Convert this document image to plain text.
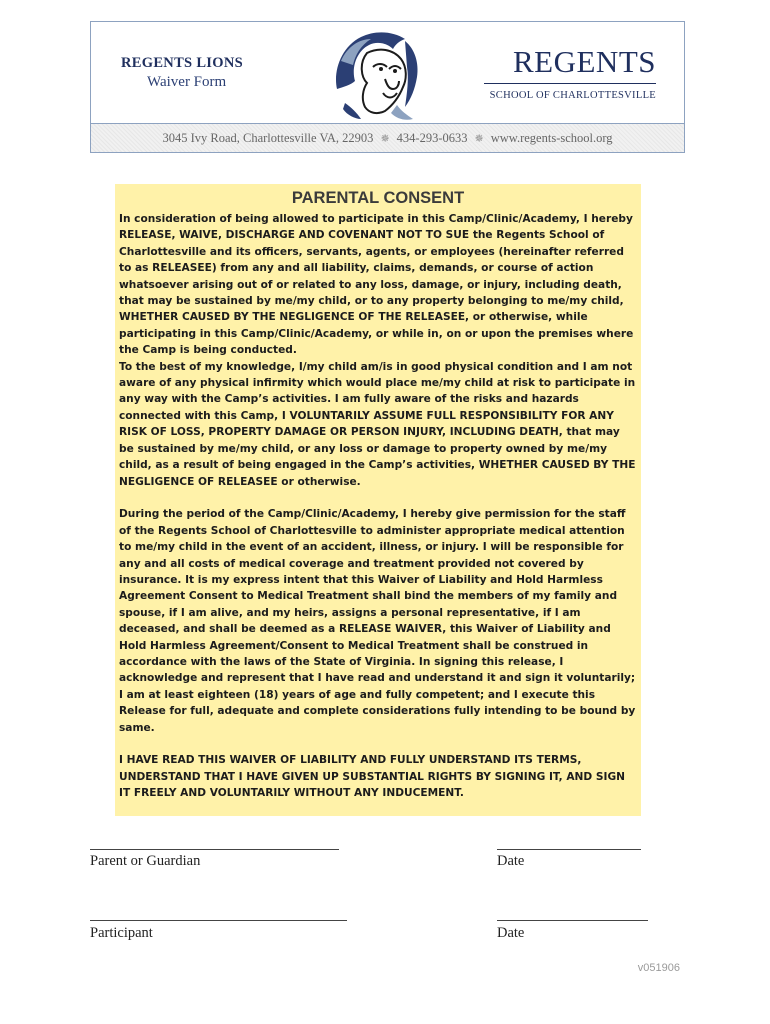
REGENTS LIONS
Waiver Form
REGENTS
SCHOOL OF CHARLOTTESVILLE
3045 Ivy Road, Charlottesville VA, 22903 ✵ 434-293-0633 ✵ www.regents-school.org
PARENTAL CONSENT

In consideration of being allowed to participate in this Camp/Clinic/Academy, I hereby RELEASE, WAIVE, DISCHARGE AND COVENANT NOT TO SUE the Regents School of Charlottesville and its officers, servants, agents, or employees (hereinafter referred to as RELEASEE) from any and all liability, claims, demands, or course of action whatsoever arising out of or related to any loss, damage, or injury, including death, that may be sustained by me/my child, or to any property belonging to me/my child, WHETHER CAUSED BY THE NEGLIGENCE OF THE RELEASEE, or otherwise, while participating in this Camp/Clinic/Academy, or while in, on or upon the premises where the Camp is being conducted.

To the best of my knowledge, I/my child am/is in good physical condition and I am not aware of any physical infirmity which would place me/my child at risk to participate in any way with the Camp’s activities. I am fully aware of the risks and hazards connected with this Camp, I VOLUNTARILY ASSUME FULL RESPONSIBILITY FOR ANY RISK OF LOSS, PROPERTY DAMAGE OR PERSON INJURY, INCLUDING DEATH, that may be sustained by me/my child, or any loss or damage to property owned by me/my child, as a result of being engaged in the Camp’s activities, WHETHER CAUSED BY THE NEGLIGENCE OF RELEASEE or otherwise.

During the period of the Camp/Clinic/Academy, I hereby give permission for the staff of the Regents School of Charlottesville to administer appropriate medical attention to me/my child in the event of an accident, illness, or injury. I will be responsible for any and all costs of medical coverage and treatment provided not covered by insurance. It is my express intent that this Waiver of Liability and Hold Harmless Agreement Consent to Medical Treatment shall bind the members of my family and spouse, if I am alive, and my heirs, assigns a personal representative, if I am deceased, and shall be deemed as a RELEASE WAIVER, this Waiver of Liability and Hold Harmless Agreement/Consent to Medical Treatment shall be construed in accordance with the laws of the State of Virginia. In signing this release, I acknowledge and represent that I have read and understand it and sign it voluntarily; I am at least eighteen (18) years of age and fully competent; and I execute this Release for full, adequate and complete considerations fully intending to be bound by same.

I HAVE READ THIS WAIVER OF LIABILITY AND FULLY UNDERSTAND ITS TERMS, UNDERSTAND THAT I HAVE GIVEN UP SUBSTANTIAL RIGHTS BY SIGNING IT, AND SIGN IT FREELY AND VOLUNTARILY WITHOUT ANY INDUCEMENT.

Parent or Guardian	Date
Participant	Date
v051906
